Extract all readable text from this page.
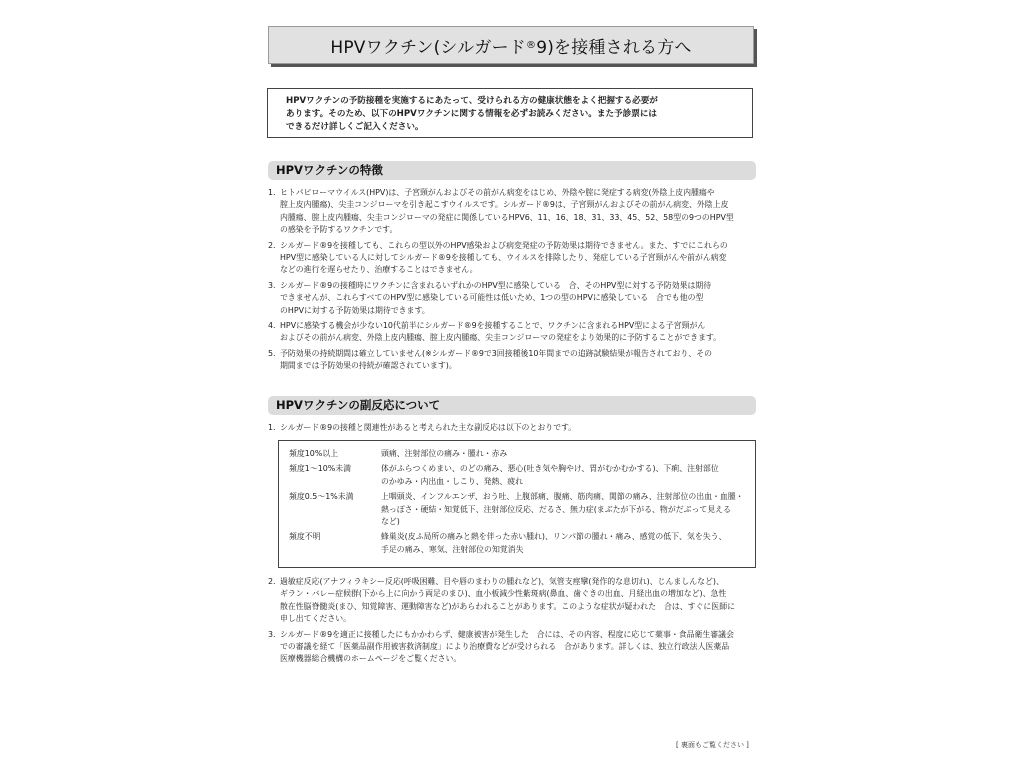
HPVワクチン(シルガード ® 9)を接種される方へ
HPVワクチンの予防接種を実施するにあたって、受けられる方の健康状態をよく把握する必要が
あります。そのため、以下のHPVワクチンに関する情報を必ずお読みください。また予診票には
できるだけ詳しくご記入ください。
HPVワクチンの特徴
1. ヒトパピローマウイルス(HPV)は、子宮頸がんおよびその前がん病変をはじめ、外陰や腟に発症する病変(外陰上皮内腫瘍や
腟上皮内腫瘍)、尖圭コンジローマを引き起こすウイルスです。シルガード®9は、子宮頸がんおよびその前がん病変、外陰上皮
内腫瘍、腟上皮内腫瘍、尖圭コンジローマの発症に関係しているHPV6、11、16、18、31、33、45、52、58型の9つのHPV型
の感染を予防するワクチンです。
2. シルガード®9を接種しても、これらの型以外のHPV感染および病変発症の予防効果は期待できません。また、すでにこれらの
HPV型に感染している人に対してシルガード®9を接種しても、ウイルスを排除したり、発症している子宮頸がんや前がん病変
などの進行を遅らせたり、治療することはできません。
3. シルガード®9の接種時にワクチンに含まれるいずれかのHPV型に感染している　合、そのHPV型に対する予防効果は期待
できませんが、これらすべてのHPV型に感染している可能性は低いため、1つの型のHPVに感染している　合でも他の型
のHPVに対する予防効果は期待できます。
4. HPVに感染する機会が少ない10代前半にシルガード®9を接種することで、ワクチンに含まれるHPV型による子宮頸がん
およびその前がん病変、外陰上皮内腫瘍、腟上皮内腫瘍、尖圭コンジローマの発症をより効果的に予防することができます。
5. 予防効果の持続期間は確立していません(※シルガード®9で3回接種後10年間までの追跡試験結果が報告されており、その
期間までは予防効果の持続が確認されています)。
HPVワクチンの副反応について
1. シルガード®9の接種と関連性があると考えられた主な副反応は以下のとおりです。
頻度10%以上	頭痛、注射部位の痛み・腫れ・赤み
頻度1〜10%未満	体がふらつくめまい、のどの痛み、悪心(吐き気や胸やけ、胃がむかむかする)、下痢、注射部位
のかゆみ・内出血・しこり、発熱、疲れ
頻度0.5〜1%未満	上咽頭炎、インフルエンザ、おう吐、上腹部痛、腹痛、筋肉痛、関節の痛み、注射部位の出血・血腫・
熱っぽさ・硬結・知覚低下、注射部位反応、だるさ、無力症(まぶたが下がる、物がだぶって見える
など)
頻度不明	蜂巣炎(皮ふ局所の痛みと熱を伴った赤い腫れ)、リンパ節の腫れ・痛み、感覚の低下、気を失う、
手足の痛み、寒気、注射部位の知覚消失
2. 過敏症反応(アナフィラキシー反応(呼吸困難、目や唇のまわりの腫れなど)、気管支痙攣(発作的な息切れ)、じんましんなど)、
ギラン・バレー症候群(下から上に向かう両足のまひ)、血小板減少性紫斑病(鼻血、歯ぐきの出血、月経出血の増加など)、急性
散在性脳脊髄炎(まひ、知覚障害、運動障害など)があらわれることがあります。このような症状が疑われた　合は、すぐに医師に
申し出てください。
3. シルガード®9を適正に接種したにもかかわらず、健康被害が発生した　合には、その内容、程度に応じて薬事・食品衛生審議会
での審議を経て「医薬品副作用被害救済制度」により治療費などが受けられる　合があります。詳しくは、独立行政法人医薬品
医療機器総合機構のホームページをご覧ください。
[ 裏面もご覧ください ]
